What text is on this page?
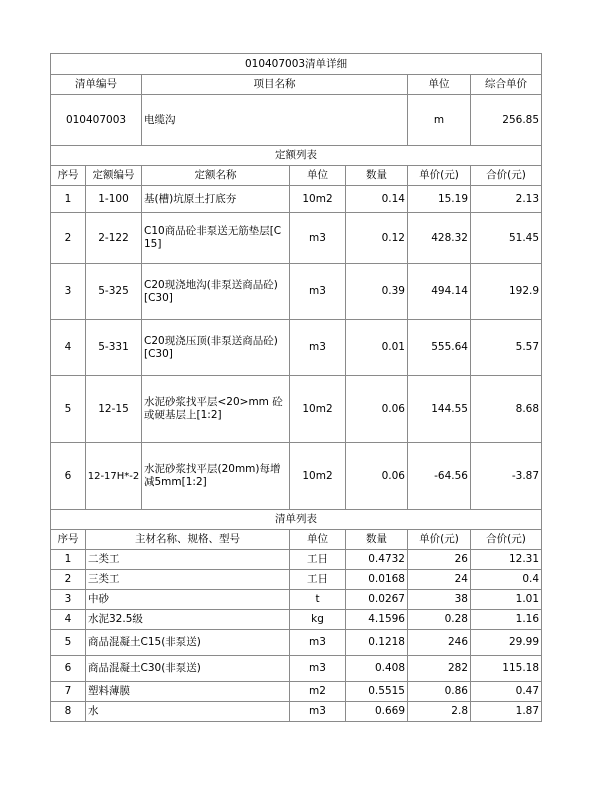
010407003清单详细						
清单编号		项目名称			单位	综合单价
010407003		电缆沟			m	256.85
定额列表						
序号	定额编号	定额名称	单位	数量	单价(元)	合价(元)
1	1-100	基(槽)坑原土打底夯	10m2	0.14	15.19	2.13
2	2-122	C10商品砼非泵送无筋垫层[C15]	m3	0.12	428.32	51.45
3	5-325	C20现浇地沟(非泵送商品砼)[C30]	m3	0.39	494.14	192.9
4	5-331	C20现浇压顶(非泵送商品砼)[C30]	m3	0.01	555.64	5.57
5	12-15	水泥砂浆找平层<20>mm 砼或硬基层上[1:2]	10m2	0.06	144.55	8.68
6	12-17H*-2	水泥砂浆找平层(20mm)每增减5mm[1:2]	10m2	0.06	-64.56	-3.87
清单列表						
序号	主材名称、规格、型号		单位	数量	单价(元)	合价(元)
1	二类工		工日	0.4732	26	12.31
2	三类工		工日	0.0168	24	0.4
3	中砂		t	0.0267	38	1.01
4	水泥32.5级		kg	4.1596	0.28	1.16
5	商品混凝土C15(非泵送)		m3	0.1218	246	29.99
6	商品混凝土C30(非泵送)		m3	0.408	282	115.18
7	塑料薄膜		m2	0.5515	0.86	0.47
8	水		m3	0.669	2.8	1.87
